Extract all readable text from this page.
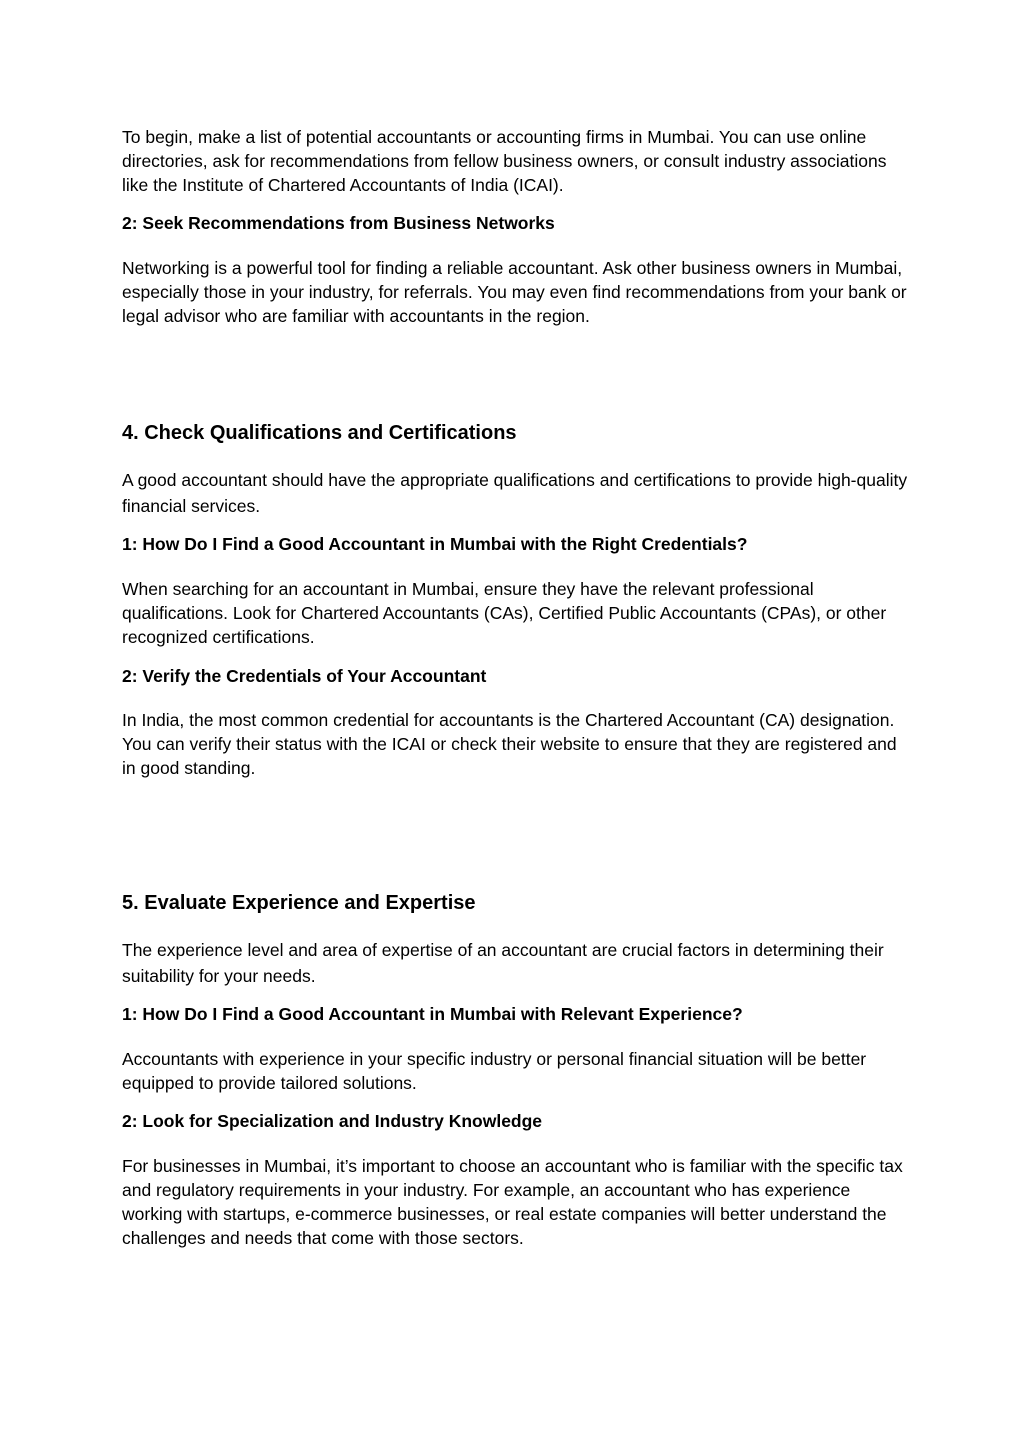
To begin, make a list of potential accountants or accounting firms in Mumbai. You can use online directories, ask for recommendations from fellow business owners, or consult industry associations like the Institute of Chartered Accountants of India (ICAI).

2: Seek Recommendations from Business Networks

Networking is a powerful tool for finding a reliable accountant. Ask other business owners in Mumbai, especially those in your industry, for referrals. You may even find recommendations from your bank or legal advisor who are familiar with accountants in the region.

4. Check Qualifications and Certifications

A good accountant should have the appropriate qualifications and certifications to provide high-quality financial services.

1: How Do I Find a Good Accountant in Mumbai with the Right Credentials?

When searching for an accountant in Mumbai, ensure they have the relevant professional qualifications. Look for Chartered Accountants (CAs), Certified Public Accountants (CPAs), or other recognized certifications.

2: Verify the Credentials of Your Accountant

In India, the most common credential for accountants is the Chartered Accountant (CA) designation. You can verify their status with the ICAI or check their website to ensure that they are registered and in good standing.

5. Evaluate Experience and Expertise

The experience level and area of expertise of an accountant are crucial factors in determining their suitability for your needs.

1: How Do I Find a Good Accountant in Mumbai with Relevant Experience?

Accountants with experience in your specific industry or personal financial situation will be better equipped to provide tailored solutions.

2: Look for Specialization and Industry Knowledge

For businesses in Mumbai, it’s important to choose an accountant who is familiar with the specific tax and regulatory requirements in your industry. For example, an accountant who has experience working with startups, e-commerce businesses, or real estate companies will better understand the challenges and needs that come with those sectors.
